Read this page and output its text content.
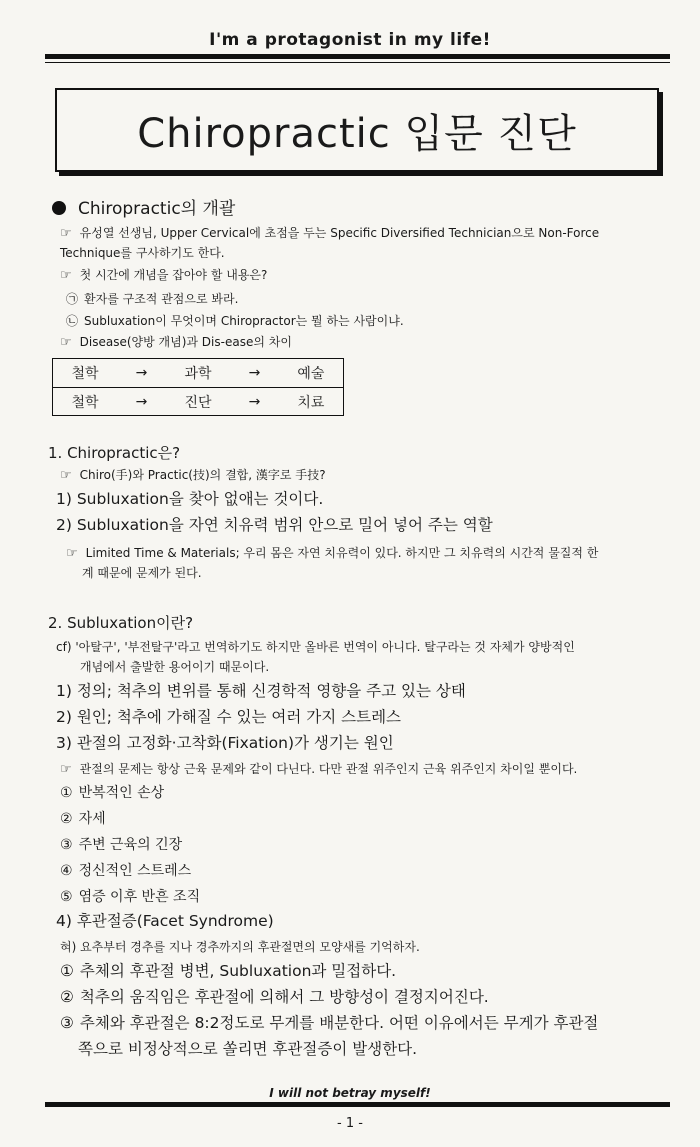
I'm a protagonist in my life!
Chiropractic 입문 진단
Chiropractic의 개괄
☞ 유성열 선생님, Upper Cervical에 초점을 두는 Specific Diversified Technician으로 Non-Force
Technique를 구사하기도 한다.
☞ 첫 시간에 개념을 잡아야 할 내용은?
㉠ 환자를 구조적 관점으로 봐라.
㉡ Subluxation이 무엇이며 Chiropractor는 뭘 하는 사람이냐.
☞ Disease(양방 개념)과 Dis-ease의 차이
철학	→	과학	→	예술
철학	→	진단	→	치료
1. Chiropractic은?
☞ Chiro(手)와 Practic(技)의 결합, 漢字로 手技?
1) Subluxation을 찾아 없애는 것이다.
2) Subluxation을 자연 치유력 범위 안으로 밀어 넣어 주는 역할
☞ Limited Time & Materials; 우리 몸은 자연 치유력이 있다. 하지만 그 치유력의 시간적 물질적 한
계 때문에 문제가 된다.
2. Subluxation이란?
cf) '아탈구', '부전탈구'라고 번역하기도 하지만 올바른 번역이 아니다. 탈구라는 것 자체가 양방적인
개념에서 출발한 용어이기 때문이다.
1) 정의; 척추의 변위를 통해 신경학적 영향을 주고 있는 상태
2) 원인; 척추에 가해질 수 있는 여러 가지 스트레스
3) 관절의 고정화·고착화(Fixation)가 생기는 원인
☞ 관절의 문제는 항상 근육 문제와 같이 다닌다. 다만 관절 위주인지 근육 위주인지 차이일 뿐이다.
① 반복적인 손상
② 자세
③ 주변 근육의 긴장
④ 정신적인 스트레스
⑤ 염증 이후 반흔 조직
4) 후관절증(Facet Syndrome)
혀) 요추부터 경추를 지나 경추까지의 후관절면의 모양새를 기억하자.
① 추체의 후관절 병변, Subluxation과 밀접하다.
② 척추의 움직임은 후관절에 의해서 그 방향성이 결정지어진다.
③ 추체와 후관절은 8:2정도로 무게를 배분한다. 어떤 이유에서든 무게가 후관절
쪽으로 비정상적으로 쏠리면 후관절증이 발생한다.
I will not betray myself!
- 1 -
